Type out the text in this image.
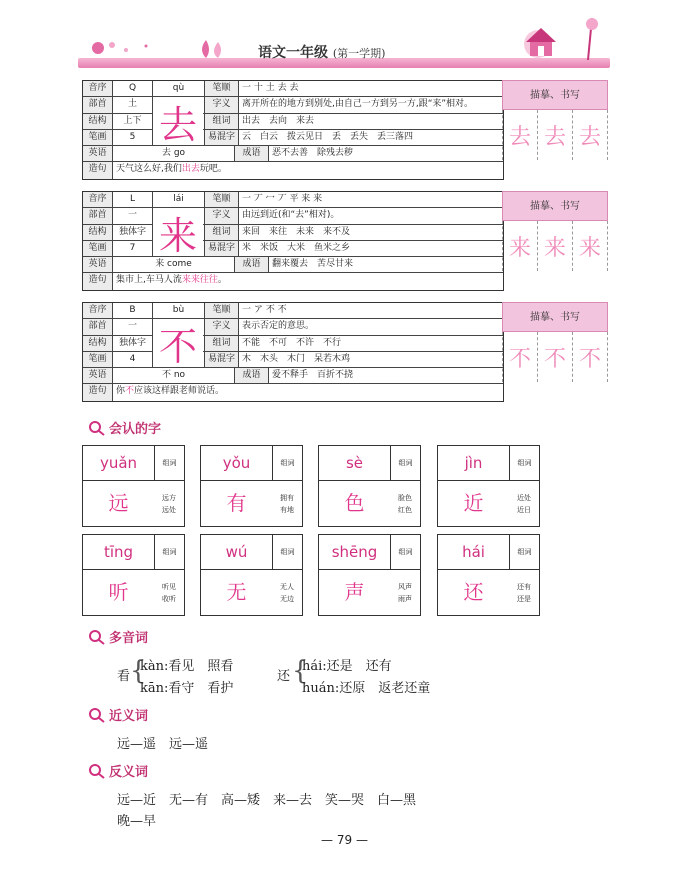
语文一年级 (第一学期)
音序	Q	qù	笔顺	一 十 土 去 去
部首	土	字义	离开所在的地方到别处,由自己一方到另一方,跟“来”相对。
结构	上下	组词	出去　去向　来去
笔画	5	易混字 云　白云　拨云见日　丢　丢失　丢三落四
英语	去 go	成语	恶不去善　除残去秽
造句	天气这么好,我们出去玩吧。
去
描摹、书写
去 去 去
音序	L	lái	笔顺	一 丆 冖 丆 平 来 来
部首	一	字义	由远到近(和“去”相对)。
结构	独体字	组词	来回　来往　未来　来不及
笔画	7	易混字 米　米饭　大米　鱼米之乡
英语	来 come	成语	翻来覆去　苦尽甘来
造句	集市上,车马人流来来往往。
来
描摹、书写
来 来 来
音序	B	bù	笔顺	一 ア 不 不
部首	一	字义	表示否定的意思。
结构	独体字	组词	不能　不可　不许　不行
笔画	4	易混字 木　木头　木门　呆若木鸡
英语	不 no	成语	爱不释手　百折不挠
造句	你不应该这样跟老师说话。
不
描摹、书写
不 不 不
会认的字
yuǎn	组词
远	远方
远处
yǒu	组词
有	拥有
有地
sè	组词
色	脸色
红色
jìn	组词
近	近处
近日
tīng	组词
听	听见
收听
wú	组词
无	无人
无边
shēng	组词
声	风声
雨声
hái	组词
还	还有
还是
多音词
看 {
kàn:看见　照看
kān:看守　看护
还 {
hái:还是　还有
huán:还原　返老还童
近义词
远—遥　远—遥
反义词
远—近　无—有　高—矮　来—去　笑—哭　白—黑
晚—早
— 79 —
